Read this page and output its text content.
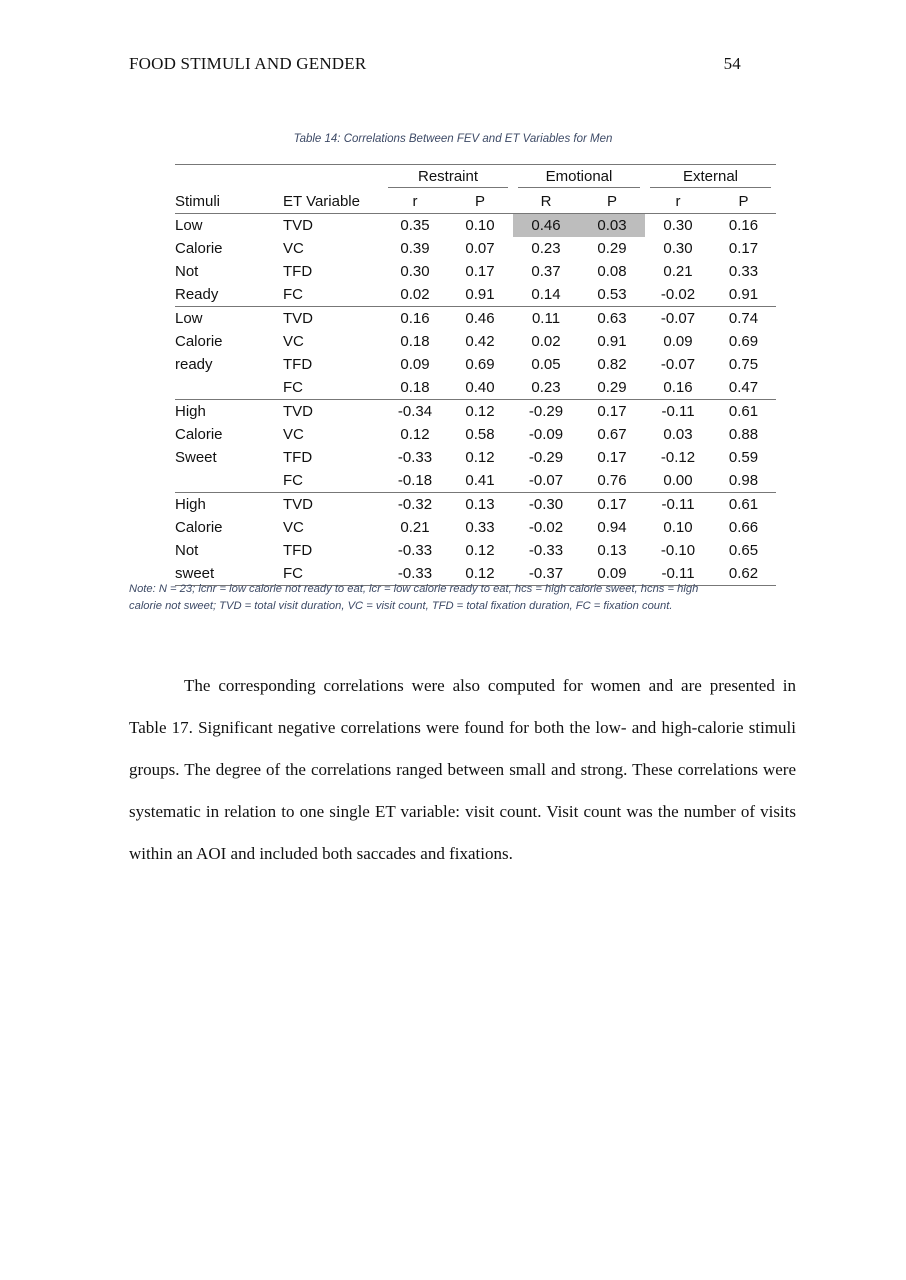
FOOD STIMULI AND GENDER	54
Table 14: Correlations Between FEV and ET Variables for Men
		Restraint		Emotional		External	
Stimuli	ET Variable	r	P	R	P	r	P
Low	TVD	0.35	0.10	0.46	0.03	0.30	0.16
Calorie	VC	0.39	0.07	0.23	0.29	0.30	0.17
Not	TFD	0.30	0.17	0.37	0.08	0.21	0.33
Ready	FC	0.02	0.91	0.14	0.53	-0.02	0.91
Low	TVD	0.16	0.46	0.11	0.63	-0.07	0.74
Calorie	VC	0.18	0.42	0.02	0.91	0.09	0.69
ready	TFD	0.09	0.69	0.05	0.82	-0.07	0.75
	FC	0.18	0.40	0.23	0.29	0.16	0.47
High	TVD	-0.34	0.12	-0.29	0.17	-0.11	0.61
Calorie	VC	0.12	0.58	-0.09	0.67	0.03	0.88
Sweet	TFD	-0.33	0.12	-0.29	0.17	-0.12	0.59
	FC	-0.18	0.41	-0.07	0.76	0.00	0.98
High	TVD	-0.32	0.13	-0.30	0.17	-0.11	0.61
Calorie	VC	0.21	0.33	-0.02	0.94	0.10	0.66
Not	TFD	-0.33	0.12	-0.33	0.13	-0.10	0.65
sweet	FC	-0.33	0.12	-0.37	0.09	-0.11	0.62
Note: N = 23; lcnr = low calorie not ready to eat, lcr = low calorie ready to eat, hcs = high calorie sweet, hcns = high
calorie not sweet; TVD = total visit duration, VC = visit count, TFD = total fixation duration, FC = fixation count.

The corresponding correlations were also computed for women and are presented in Table 17. Significant negative correlations were found for both the low- and high-calorie stimuli groups. The degree of the correlations ranged between small and strong. These correlations were systematic in relation to one single ET variable: visit count. Visit count was the number of visits within an AOI and included both saccades and fixations.
